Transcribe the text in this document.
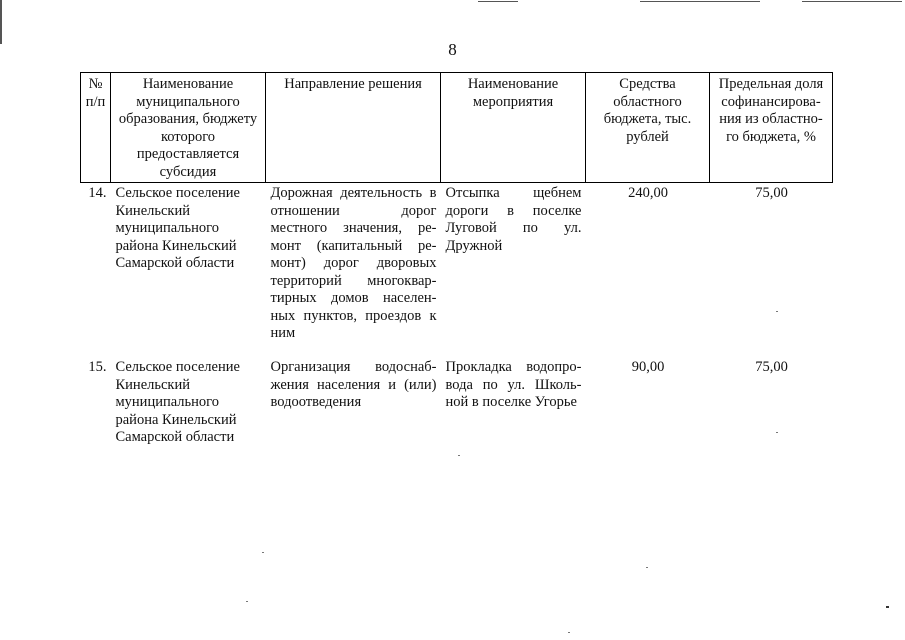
8
№ п/п	Наименование муниципального образования, бюджету которого предоставляется субсидия	Направление решения	Наименование мероприятия	Средства областного бюджета, тыс. рублей	Предельная доля софинансирова-ния из областно-го бюджета, %
14.	Сельское поселение Кинельский муниципального района Кинельский Самарской области	Дорожная деятельность в отношении дорог местного значения, ре-монт (капитальный ре-монт) дорог дворовых территорий многоквар-тирных домов населен-ных пунктов, проездов к ним	Отсыпка щебнем дороги в поселке Луговой по ул. Дружной	240,00	75,00
15.	Сельское поселение Кинельский муниципального района Кинельский Самарской области	Организация водоснаб-жения населения и (или) водоотведения	Прокладка водопро-вода по ул. Школь-ной в поселке Угорье	90,00	75,00
